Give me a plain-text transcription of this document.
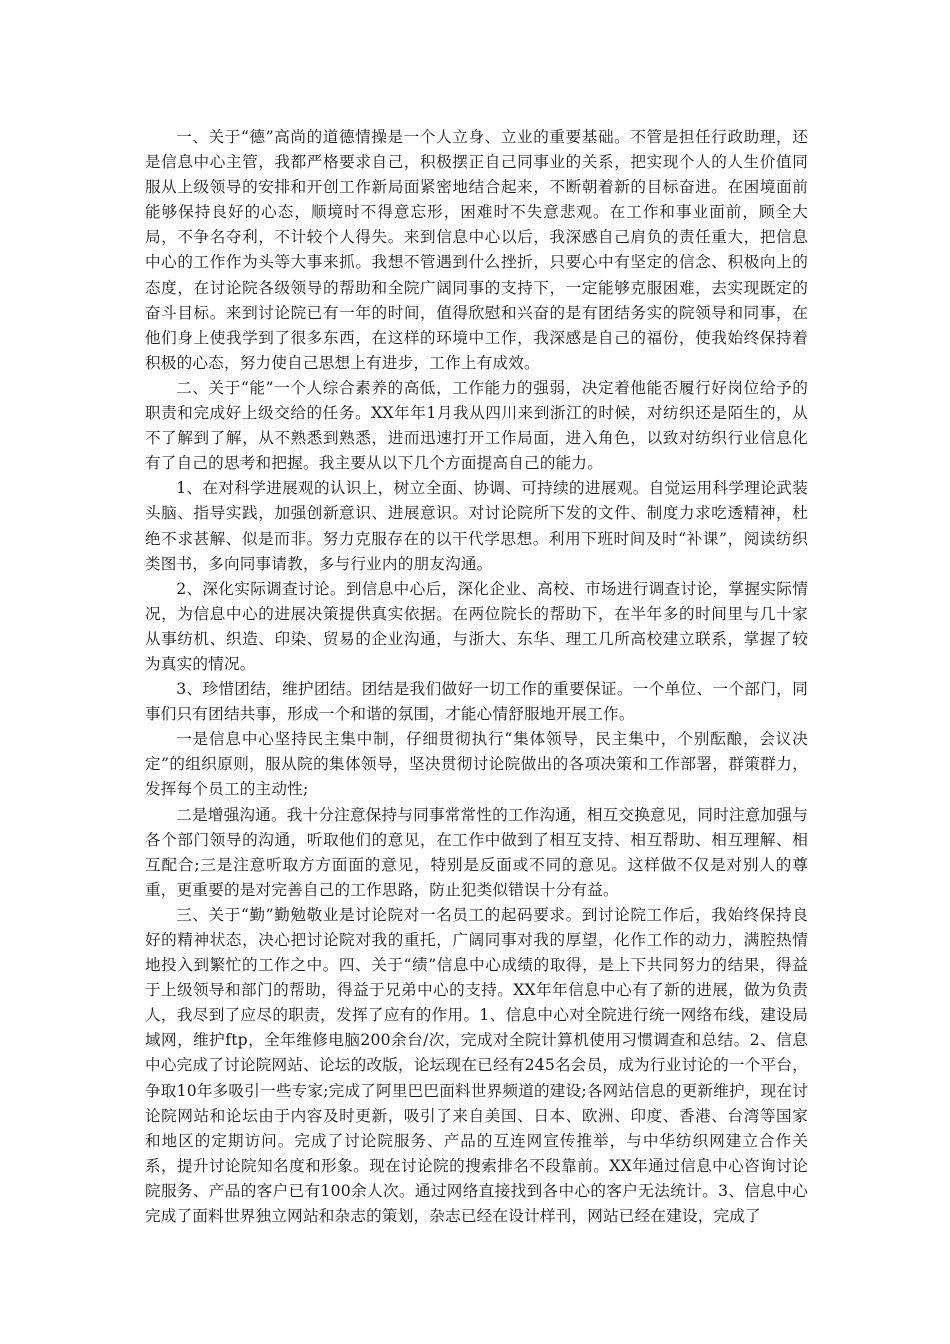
一、关于“德”高尚的道德情操是一个人立身、立业的重要基础。不管是担任行政助理，还是信息中心主管，我都严格要求自己，积极摆正自己同事业的关系，把实现个人的人生价值同服从上级领导的安排和开创工作新局面紧密地结合起来，不断朝着新的目标奋进。在困境面前能够保持良好的心态，顺境时不得意忘形，困难时不失意悲观。在工作和事业面前，顾全大局，不争名夺利，不计较个人得失。来到信息中心以后，我深感自己肩负的责任重大，把信息中心的工作作为头等大事来抓。我想不管遇到什么挫折，只要心中有坚定的信念、积极向上的态度，在讨论院各级领导的帮助和全院广阔同事的支持下，一定能够克服困难，去实现既定的奋斗目标。来到讨论院已有一年的时间，值得欣慰和兴奋的是有团结务实的院领导和同事，在他们身上使我学到了很多东西，在这样的环境中工作，我深感是自己的福份，使我始终保持着积极的心态，努力使自己思想上有进步，工作上有成效。

二、关于“能”一个人综合素养的高低，工作能力的强弱，决定着他能否履行好岗位给予的职责和完成好上级交给的任务。XX年年1月我从四川来到浙江的时候，对纺织还是陌生的，从不了解到了解，从不熟悉到熟悉，进而迅速打开工作局面，进入角色，以致对纺织行业信息化有了自己的思考和把握。我主要从以下几个方面提高自己的能力。

1、在对科学进展观的认识上，树立全面、协调、可持续的进展观。自觉运用科学理论武装头脑、指导实践，加强创新意识、进展意识。对讨论院所下发的文件、制度力求吃透精神，杜绝不求甚解、似是而非。努力克服存在的以干代学思想。利用下班时间及时“补课”，阅读纺织类图书，多向同事请教，多与行业内的朋友沟通。

2、深化实际调查讨论。到信息中心后，深化企业、高校、市场进行调查讨论，掌握实际情况，为信息中心的进展决策提供真实依据。在两位院长的帮助下，在半年多的时间里与几十家从事纺机、织造、印染、贸易的企业沟通，与浙大、东华、理工几所高校建立联系，掌握了较为真实的情况。

3、珍惜团结，维护团结。团结是我们做好一切工作的重要保证。一个单位、一个部门，同事们只有团结共事，形成一个和谐的氛围，才能心情舒服地开展工作。

一是信息中心坚持民主集中制，仔细贯彻执行“集体领导，民主集中，个别酝酿，会议决定”的组织原则，服从院的集体领导，坚决贯彻讨论院做出的各项决策和工作部署，群策群力，发挥每个员工的主动性;

二是增强沟通。我十分注意保持与同事常常性的工作沟通，相互交换意见，同时注意加强与各个部门领导的沟通，听取他们的意见，在工作中做到了相互支持、相互帮助、相互理解、相互配合;三是注意听取方方面面的意见，特别是反面或不同的意见。这样做不仅是对别人的尊重，更重要的是对完善自己的工作思路，防止犯类似错误十分有益。

三、关于“勤”勤勉敬业是讨论院对一名员工的起码要求。到讨论院工作后，我始终保持良好的精神状态，决心把讨论院对我的重托，广阔同事对我的厚望，化作工作的动力，满腔热情地投入到繁忙的工作之中。四、关于“绩”信息中心成绩的取得，是上下共同努力的结果，得益于上级领导和部门的帮助，得益于兄弟中心的支持。XX年年信息中心有了新的进展，做为负责人，我尽到了应尽的职责，发挥了应有的作用。1、信息中心对全院进行统一网络布线，建设局域网，维护ftp，全年维修电脑200余台/次，完成对全院计算机使用习惯调查和总结。2、信息中心完成了讨论院网站、论坛的改版，论坛现在已经有245名会员，成为行业讨论的一个平台，争取10年多吸引一些专家;完成了阿里巴巴面料世界频道的建设;各网站信息的更新维护，现在讨论院网站和论坛由于内容及时更新，吸引了来自美国、日本、欧洲、印度、香港、台湾等国家和地区的定期访问。完成了讨论院服务、产品的互连网宣传推举，与中华纺织网建立合作关系，提升讨论院知名度和形象。现在讨论院的搜索排名不段靠前。XX年通过信息中心咨询讨论院服务、产品的客户已有100余人次。通过网络直接找到各中心的客户无法统计。3、信息中心完成了面料世界独立网站和杂志的策划，杂志已经在设计样刊，网站已经在建设，完成了
